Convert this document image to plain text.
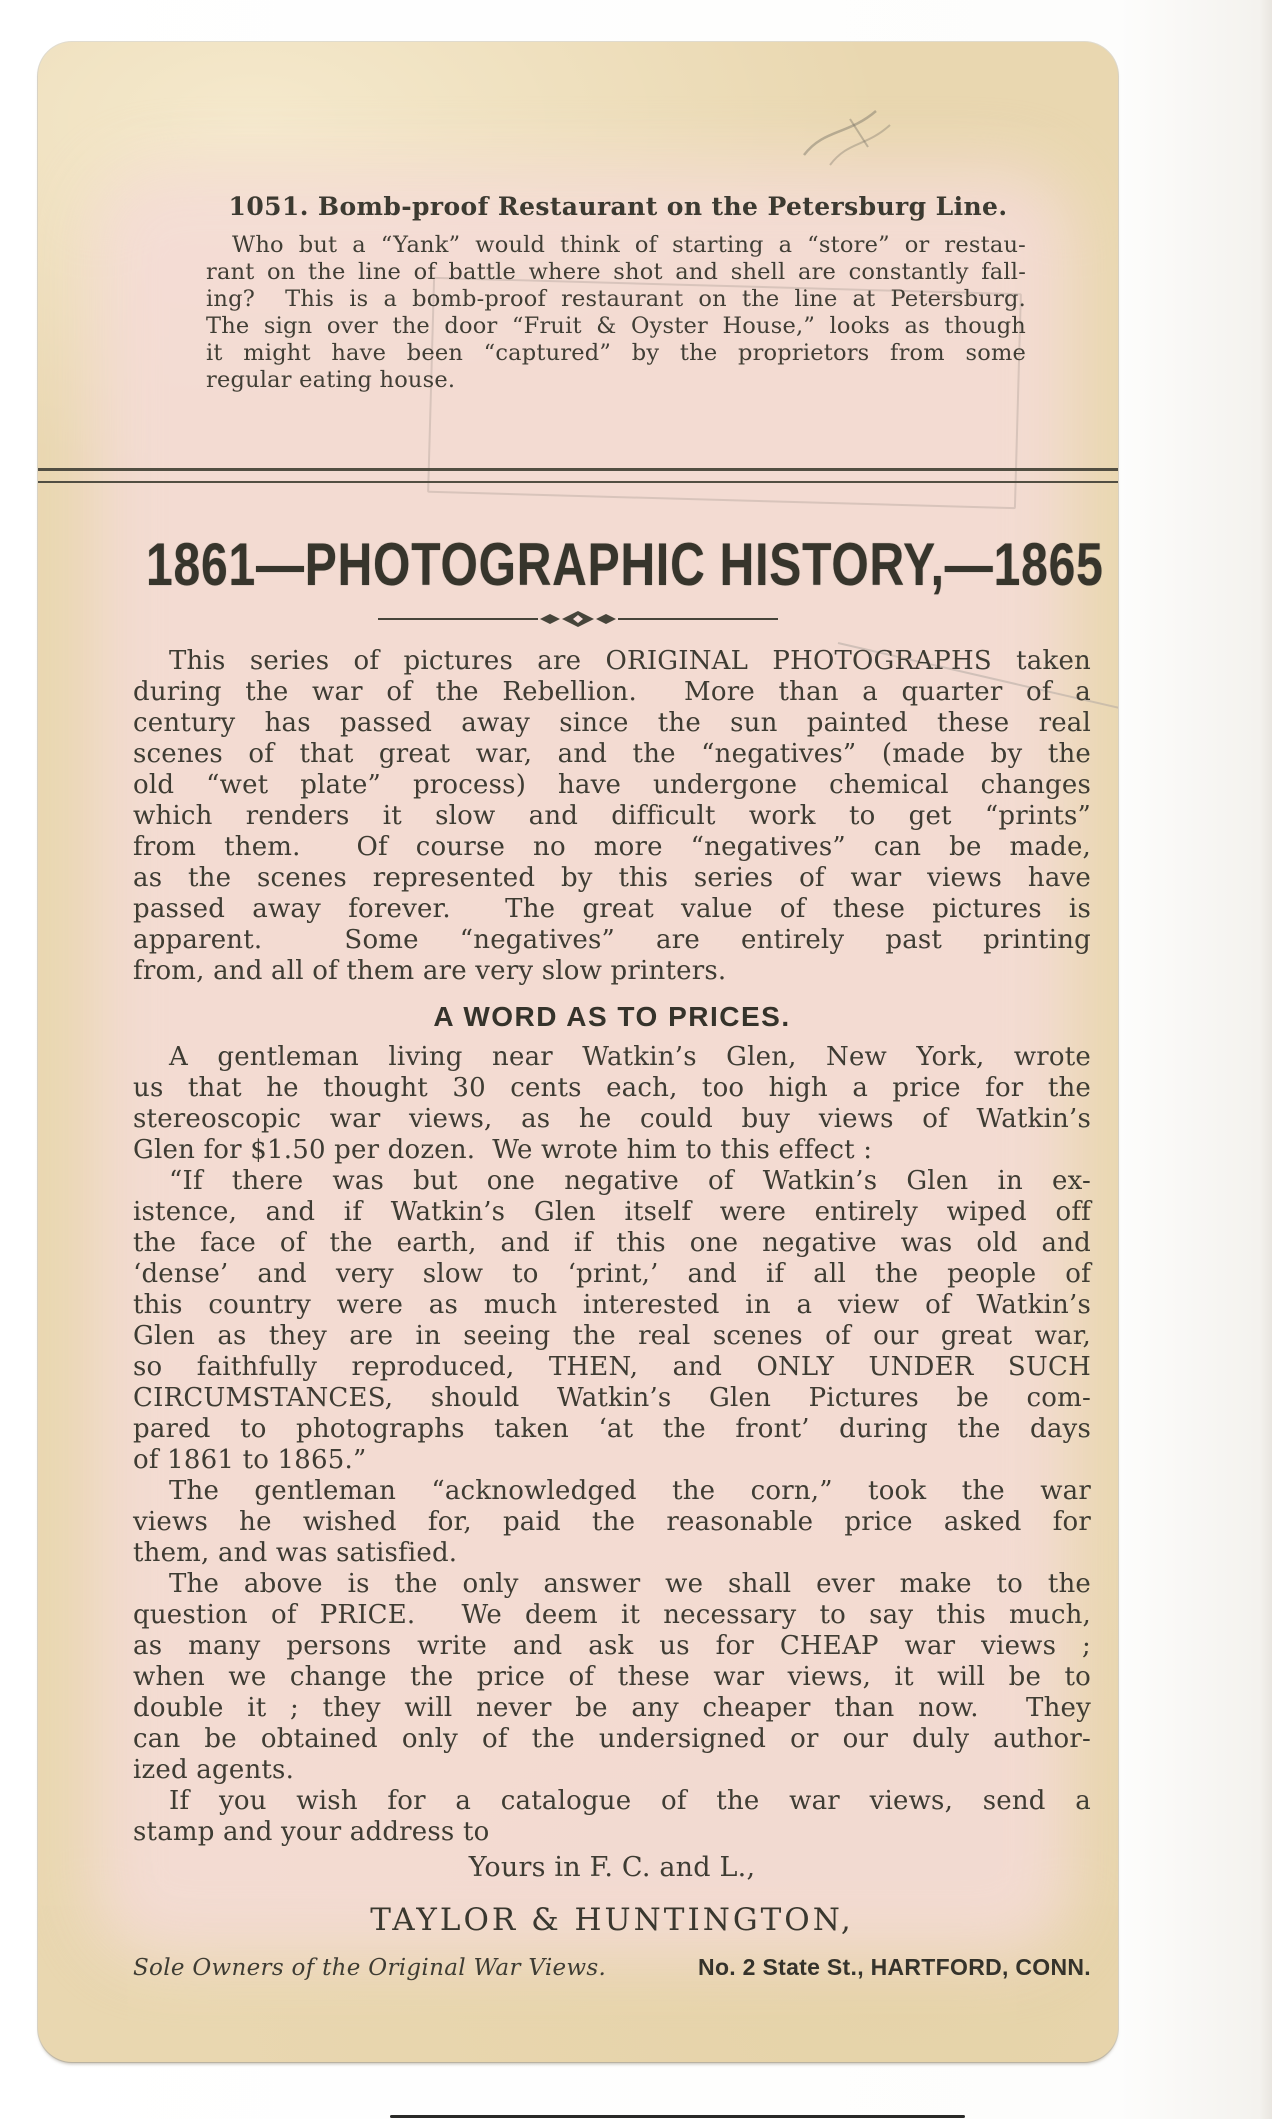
1051. Bomb-proof Restaurant on the Petersburg Line.
Who but a “Yank” would think of starting a “store” or restau-
rant on the line of battle where shot and shell are constantly fall-
ing?  This is a bomb-proof restaurant on the line at Petersburg.
The sign over the door “Fruit & Oyster House,” looks as though
it might have been “captured” by the proprietors from some
regular eating house.
1861—PHOTOGRAPHIC HISTORY,—1865
This series of pictures are ORIGINAL PHOTOGRAPHS taken
during the war of the Rebellion.  More than a quarter of a
century has passed away since the sun painted these real
scenes of that great war, and the “negatives” (made by the
old “wet plate” process) have undergone chemical changes
which renders it slow and difficult work to get “prints”
from them.  Of course no more “negatives” can be made,
as the scenes represented by this series of war views have
passed away forever.  The great value of these pictures is
apparent.  Some “negatives” are entirely past printing
from, and all of them are very slow printers.
A WORD AS TO PRICES.
A gentleman living near Watkin’s Glen, New York, wrote
us that he thought 30 cents each, too high a price for the
stereoscopic war views, as he could buy views of Watkin’s
Glen for $1.50 per dozen.  We wrote him to this effect :
“If there was but one negative of Watkin’s Glen in ex-
istence, and if Watkin’s Glen itself were entirely wiped off
the face of the earth, and if this one negative was old and
‘dense’ and very slow to ‘print,’ and if all the people of
this country were as much interested in a view of Watkin’s
Glen as they are in seeing the real scenes of our great war,
so faithfully reproduced, THEN, and ONLY UNDER SUCH
CIRCUMSTANCES, should Watkin’s Glen Pictures be com-
pared to photographs taken ‘at the front’ during the days
of 1861 to 1865.”
The gentleman “acknowledged the corn,” took the war
views he wished for, paid the reasonable price asked for
them, and was satisfied.
The above is the only answer we shall ever make to the
question of PRICE.  We deem it necessary to say this much,
as many persons write and ask us for CHEAP war views ;
when we change the price of these war views, it will be to
double it ; they will never be any cheaper than now.  They
can be obtained only of the undersigned or our duly author-
ized agents.
If you wish for a catalogue of the war views, send a
stamp and your address to
Yours in F. C. and L.,
TAYLOR & HUNTINGTON,
Sole Owners of the Original War Views.	No. 2 State St., HARTFORD, CONN.
